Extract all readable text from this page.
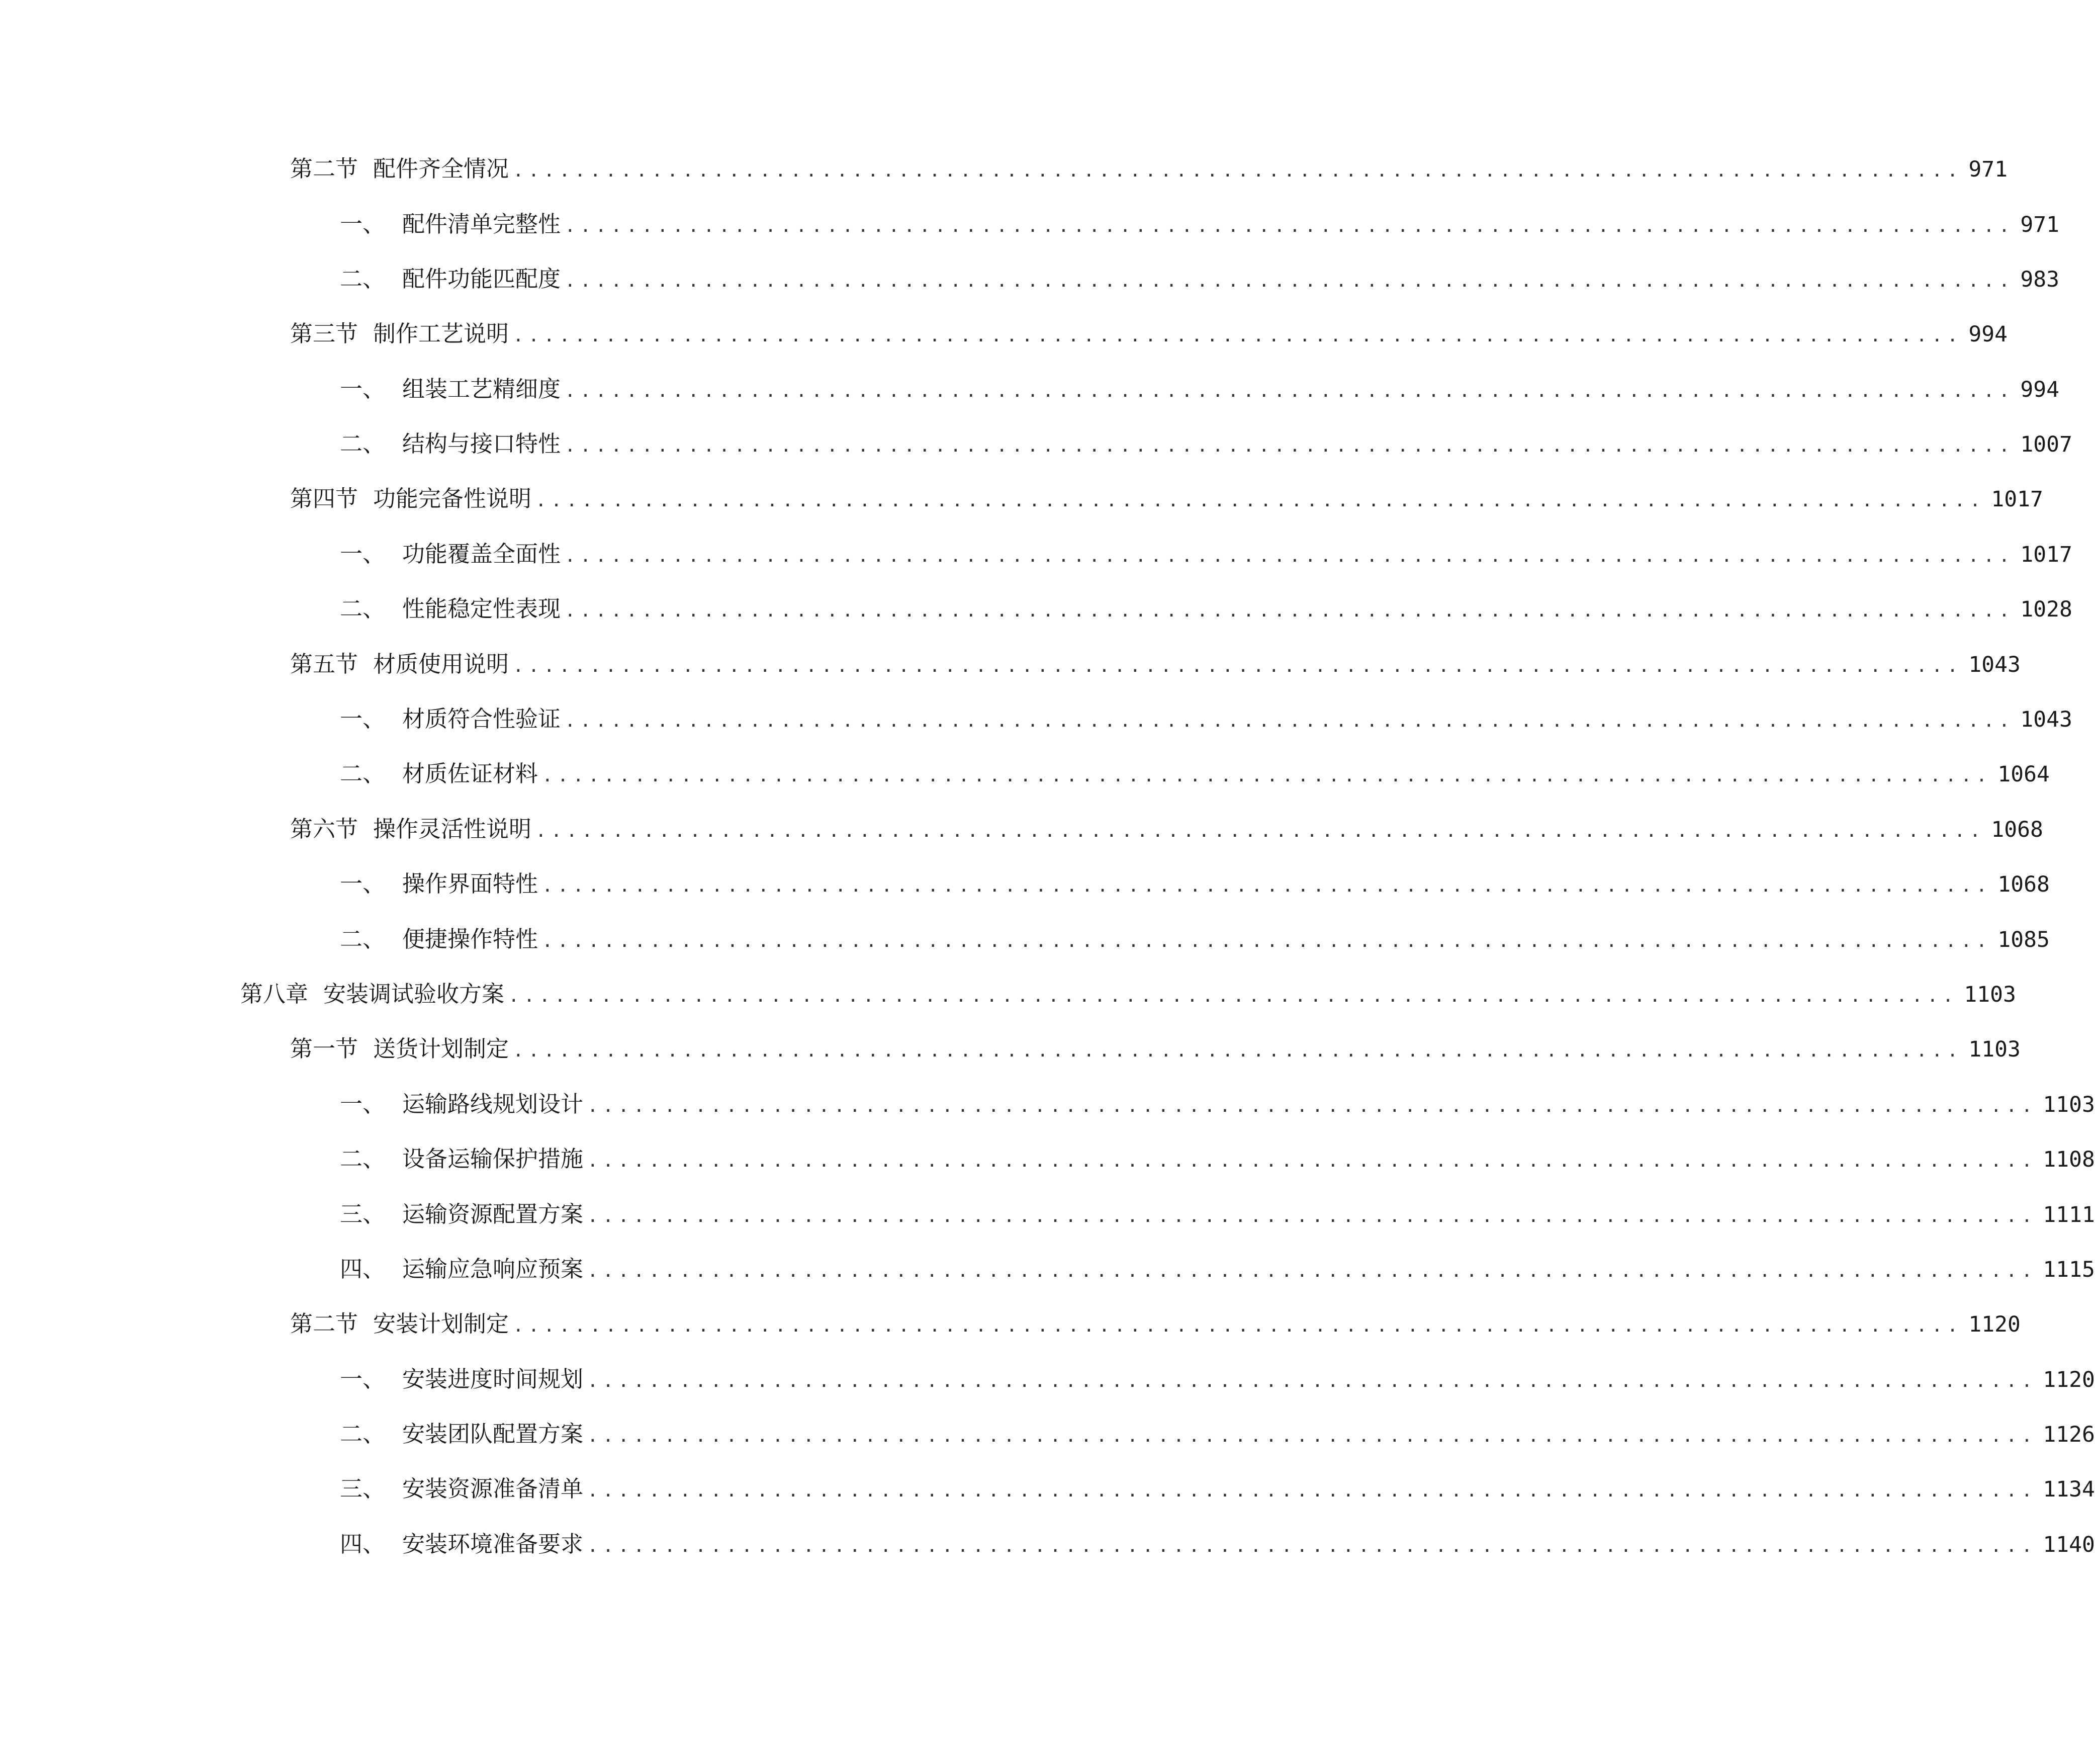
第二节 配件齐全情况 .............................................................................................. 971
一、 配件清单完整性 .............................................................................................. 971
二、 配件功能匹配度 .............................................................................................. 983
第三节 制作工艺说明 .............................................................................................. 994
一、 组装工艺精细度 .............................................................................................. 994
二、 结构与接口特性 .............................................................................................. 1007
第四节 功能完备性说明 .............................................................................................. 1017
一、 功能覆盖全面性 .............................................................................................. 1017
二、 性能稳定性表现 .............................................................................................. 1028
第五节 材质使用说明 .............................................................................................. 1043
一、 材质符合性验证 .............................................................................................. 1043
二、 材质佐证材料 .............................................................................................. 1064
第六节 操作灵活性说明 .............................................................................................. 1068
一、 操作界面特性 .............................................................................................. 1068
二、 便捷操作特性 .............................................................................................. 1085
第八章 安装调试验收方案 .............................................................................................. 1103
第一节 送货计划制定 .............................................................................................. 1103
一、 运输路线规划设计 .............................................................................................. 1103
二、 设备运输保护措施 .............................................................................................. 1108
三、 运输资源配置方案 .............................................................................................. 1111
四、 运输应急响应预案 .............................................................................................. 1115
第二节 安装计划制定 .............................................................................................. 1120
一、 安装进度时间规划 .............................................................................................. 1120
二、 安装团队配置方案 .............................................................................................. 1126
三、 安装资源准备清单 .............................................................................................. 1134
四、 安装环境准备要求 .............................................................................................. 1140
